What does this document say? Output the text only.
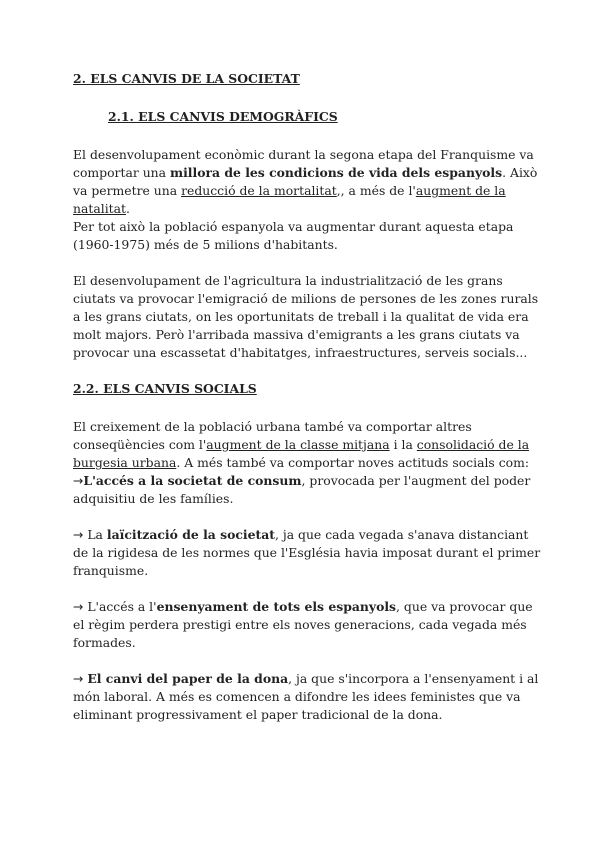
2. ELS CANVIS DE LA SOCIETAT
2.1. ELS CANVIS DEMOGRÀFICS

El desenvolupament econòmic durant la segona etapa del Franquisme va comportar una millora de les condicions de vida dels espanyols. Això va permetre una reducció de la mortalitat,, a més de l'augment de la natalitat.
Per tot això la població espanyola va augmentar durant aquesta etapa (1960-1975) més de 5 milions d'habitants.

El desenvolupament de l'agricultura la industrialització de les grans ciutats va provocar l'emigració de milions de persones de les zones rurals a les grans ciutats, on les oportunitats de treball i la qualitat de vida era molt majors. Però l'arribada massiva d'emigrants a les grans ciutats va provocar una escassetat d'habitatges, infraestructures, serveis socials...

2.2. ELS CANVIS SOCIALS

El creixement de la població urbana també va comportar altres conseqüències com l'augment de la classe mitjana i la consolidació de la burgesia urbana. A més també va comportar noves actituds socials com:

→L'accés a la societat de consum, provocada per l'augment del poder adquisitiu de les famílies.

→ La laïcització de la societat, ja que cada vegada s'anava distanciant de la rigidesa de les normes que l'Església havia imposat durant el primer franquisme.

→ L'accés a l'ensenyament de tots els espanyols, que va provocar que el règim perdera prestigi entre els noves generacions, cada vegada més formades.

→ El canvi del paper de la dona, ja que s'incorpora a l'ensenyament i al món laboral. A més es comencen a difondre les idees feministes que va eliminant progressivament el paper tradicional de la dona.
